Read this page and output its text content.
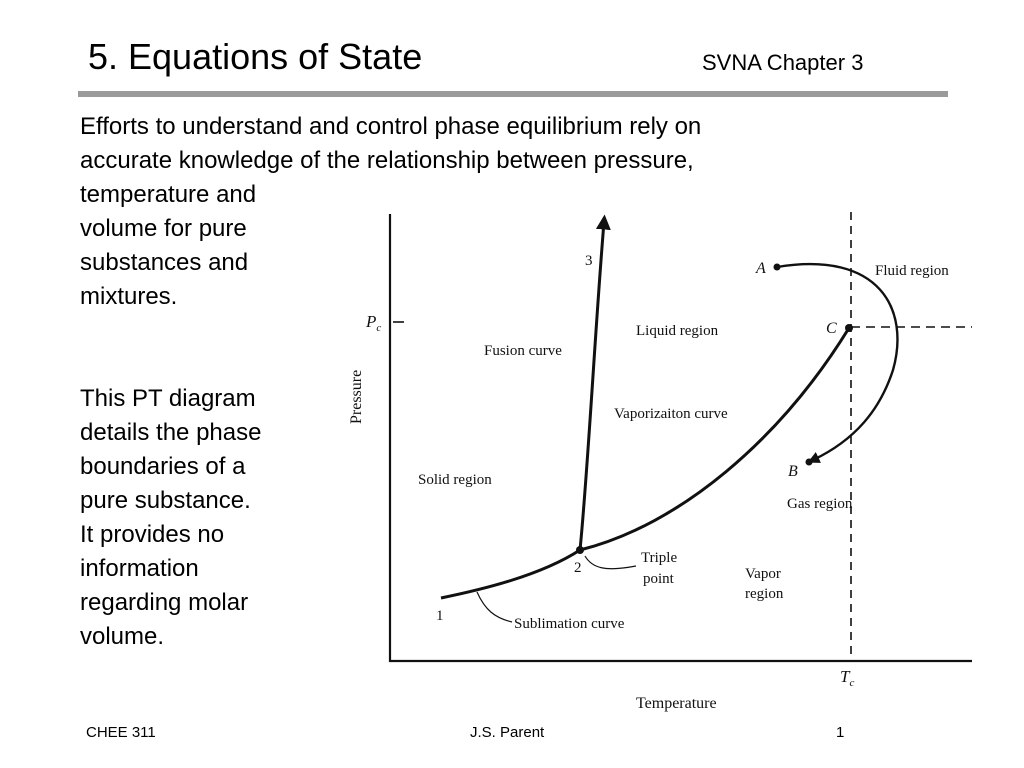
5. Equations of State	SVNA Chapter 3

Efforts to understand and control phase equilibrium rely on
accurate knowledge of the relationship between pressure,
temperature and
volume for pure
substances and
mixtures.

This PT diagram
details the phase
boundaries of a
pure substance.
It provides no
information
regarding molar
volume.

Pressure
Temperature
$P_c$
$T_c$
1
2
3	A
B
C
Solid region
Liquid region
Gas region
Vapor
region
Fluid region
Fusion curve
Vaporizaiton curve
Sublimation curve
Triple
point
CHEE 311	J.S. Parent	1
